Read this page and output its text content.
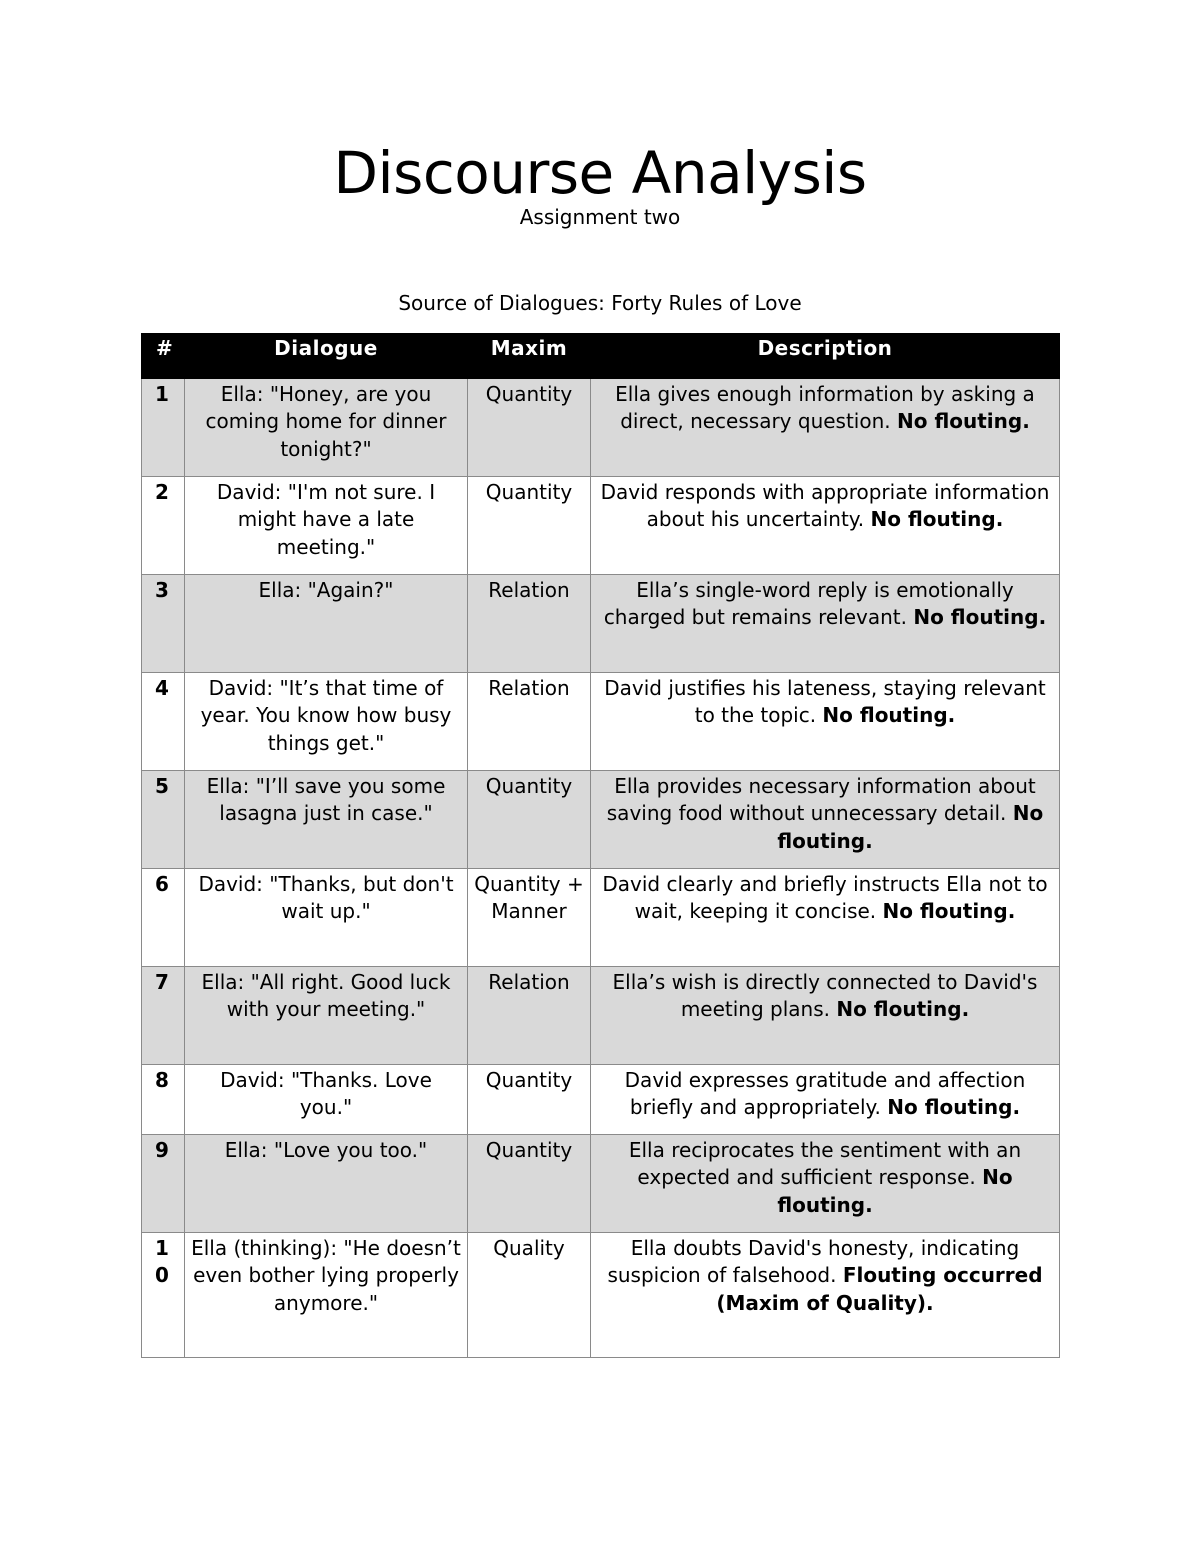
Discourse Analysis
Assignment two
Source of Dialogues: Forty Rules of Love
#	Dialogue	Maxim	Description
1	Ella: "Honey, are you coming home for dinner tonight?"	Quantity	Ella gives enough information by asking a direct, necessary question. No flouting.
2	David: "I'm not sure. I might have a late meeting."	Quantity	David responds with appropriate information about his uncertainty. No flouting.
3	Ella: "Again?"	Relation	Ella’s single-word reply is emotionally charged but remains relevant. No flouting.
4	David: "It’s that time of year. You know how busy things get."	Relation	David justifies his lateness, staying relevant to the topic. No flouting.
5	Ella: "I’ll save you some lasagna just in case."	Quantity	Ella provides necessary information about saving food without unnecessary detail. No flouting.
6	David: "Thanks, but don't wait up."	Quantity + Manner	David clearly and briefly instructs Ella not to wait, keeping it concise. No flouting.
7	Ella: "All right. Good luck with your meeting."	Relation	Ella’s wish is directly connected to David's meeting plans. No flouting.
8	David: "Thanks. Love you."	Quantity	David expresses gratitude and affection briefly and appropriately. No flouting.
9	Ella: "Love you too."	Quantity	Ella reciprocates the sentiment with an expected and sufficient response. No flouting.
10	Ella (thinking): "He doesn’t even bother lying properly anymore."	Quality	Ella doubts David's honesty, indicating suspicion of falsehood. Flouting occurred (Maxim of Quality).
